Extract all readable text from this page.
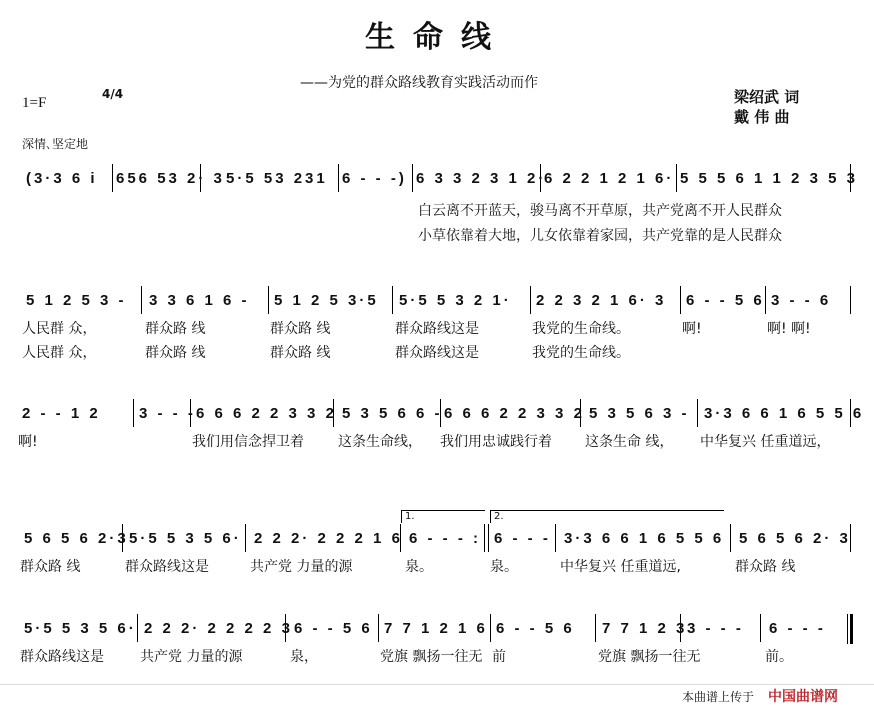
生命线
——为党的群众路线教育实践活动而作
1=F
4/4	梁绍武 词
戴 伟 曲
深情､坚定地
(3·3 6 i 656 53 2· 3 5·5 53 231 6 - - -) 6 3 3 2 3 1 2·
白云离不开蓝天，骏马离不开草原，共产党离不开人民群众
小草依靠着大地，儿女依靠着家园，共产党靠的是人民群众
6 2 2 1 2 1 6· 5 5 5 6 1 1 2 3 5 3
5 1 2 5 3 -
人民群 众，
人民群 众，
3 3 6 1 6 -
群众路 线
群众路 线
5 1 2 5 3·5
群众路 线
群众路 线
5·5 5 3 2 1·
群众路线这是
群众路线这是
2 2 3 2 1 6· 3
我党的生命线。
我党的生命线。
6 - - 5 6
啊!
3 - - 6
啊! 啊!
2 - - 1 2
啊!
3 - - - 6 6 6 2 2 3 3 2
我们用信念捍卫着
5 3 5 6 6 -
这条生命线，
6 6 6 2 2 3 3 2
我们用忠诚践行着
5 3 5 6 3 -
这条生命 线，
3·3 6 6 1 6 5 5 6
中华复兴 任重道远，
5 6 5 6 2·3
群众路 线
5·5 5 3 5 6·
群众路线这是
2 2 2· 2 2 2 1 6
共产党 力量的源
6 - - - :
泉。
6 - - -
泉。
3·3 6 6 1 6 5 5 6
中华复兴 任重道远,
5 6 5 6 2· 3
群众路 线
1.	2.
5·5 5 3 5 6·
群众路线这是
2 2 2· 2 2 2 2 3
共产党 力量的源
6 - - 5 6
泉，
7 7 1 2 1 6
党旗 飘扬一往无
6 - - 5 6
前
7 7 1 2 3
党旗 飘扬一往无
3 - - - 6 - - -
前。
本曲谱上传于 中国曲谱网
